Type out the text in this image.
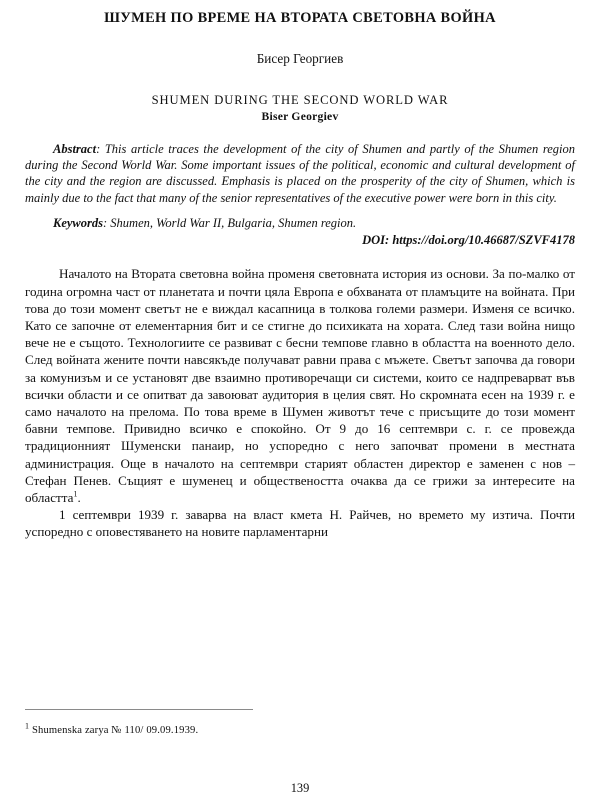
ШУМЕН ПО ВРЕМЕ НА ВТОРАТА СВЕТОВНА ВОЙНА
Бисер Георгиев
SHUMEN DURING THE SECOND WORLD WAR
Biser Georgiev

Abstract: This article traces the development of the city of Shumen and partly of the Shumen region during the Second World War. Some important issues of the political, economic and cultural development of the city and the region are discussed. Emphasis is placed on the prosperity of the city of Shumen, which is mainly due to the fact that many of the senior representatives of the executive power were born in this city.

Keywords: Shumen, World War II, Bulgaria, Shumen region.

DOI: https://doi.org/10.46687/SZVF4178

Началото на Втората световна война променя световната история из основи. За по-малко от година огромна част от планетата и почти цяла Европа е обхваната от пламъците на войната. При това до този момент светът не е виждал касапница в толкова големи размери. Изменя се всичко. Като се започне от елементарния бит и се стигне до психиката на хората. След тази война нищо вече не е същото. Технологиите се развиват с бесни темпове главно в областта на военното дело. След войната жените почти навсякъде получават равни права с мъжете. Светът започва да говори за комунизъм и се установят две взаимно противоречащи си системи, които се надпреварват във всички области и се опитват да завоюват аудитория в целия свят. Но скромната есен на 1939 г. е само началото на прелома. По това време в Шумен животът тече с присъщите до този момент бавни темпове. Привидно всичко е спокойно. От 9 до 16 септември с. г. се провежда традиционният Шуменски панаир, но успоредно с него започват промени в местната администрация. Още в началото на септември старият областен директор е заменен с нов – Стефан Пенев. Същият е шуменец и обществеността очаква да се грижи за интересите на областта$^1$.

1 септември 1939 г. заварва на власт кмета Н. Райчев, но времето му изтича. Почти успоредно с оповестяването на новите парламентарни

$^1$ Shumenska zarya № 110/ 09.09.1939.
139
